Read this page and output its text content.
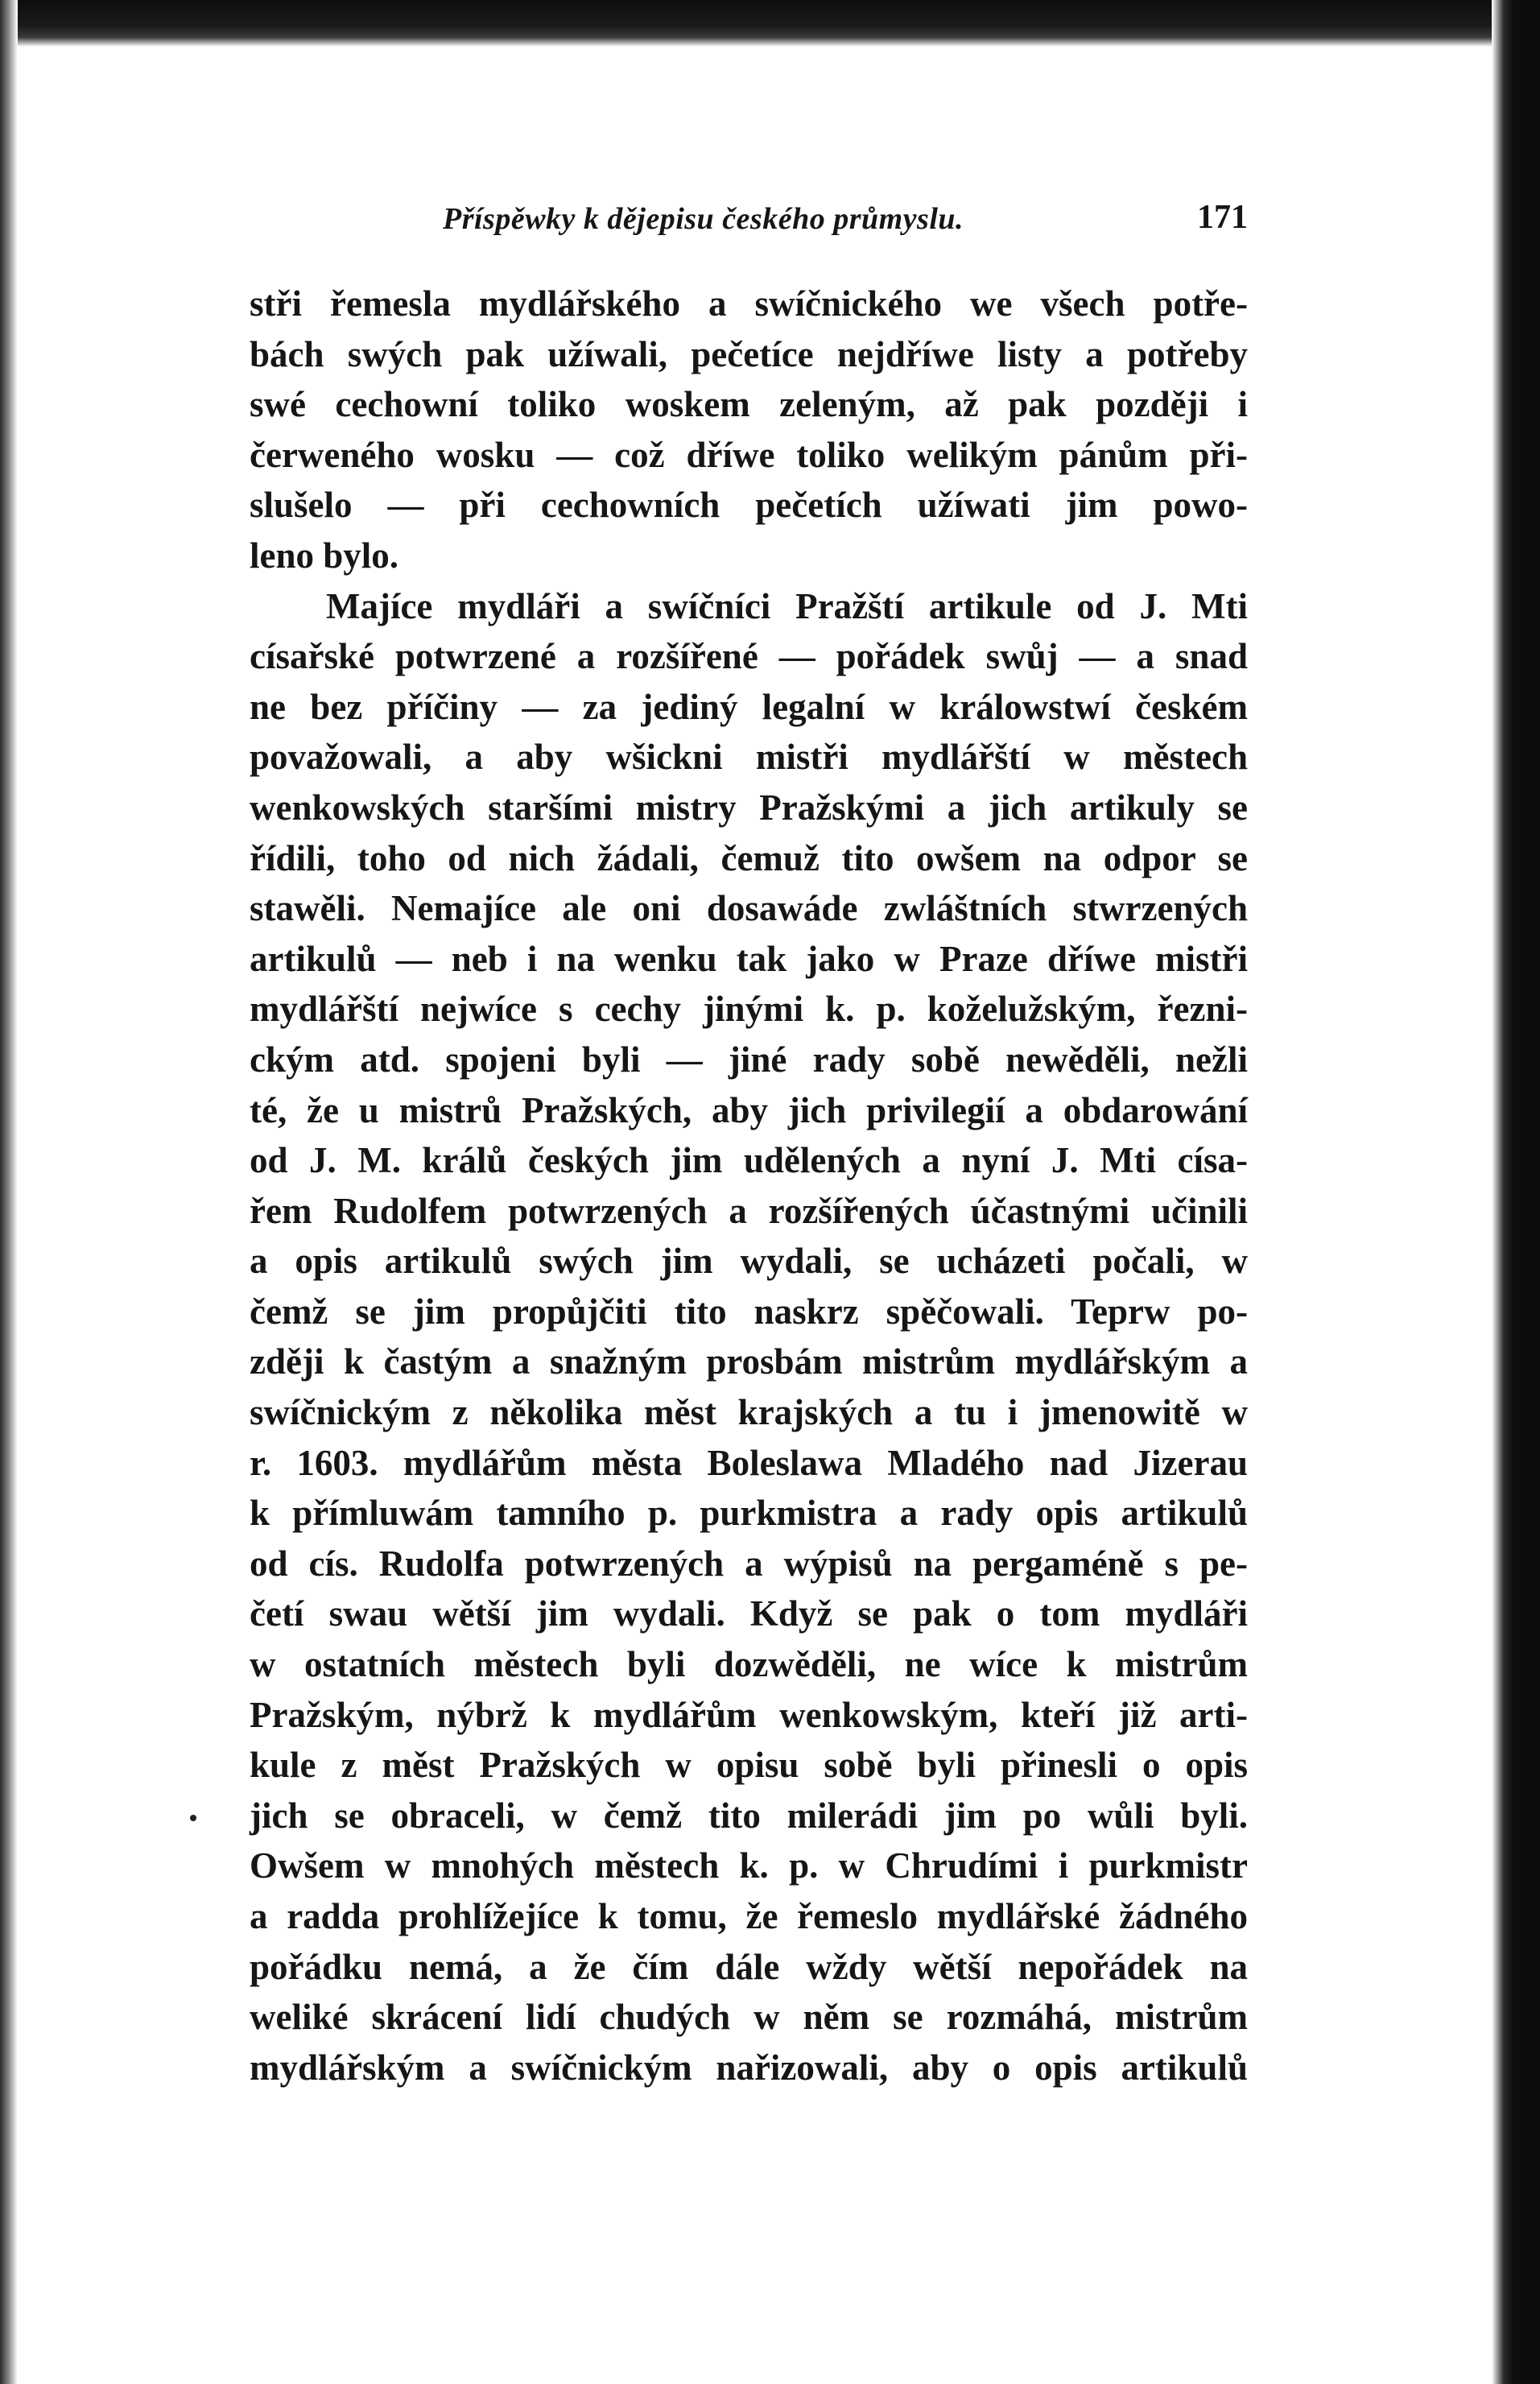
Příspěwky k dějepisu českého průmyslu.	171
stři řemesla mydlářského a swíčnického we všech potře-
bách swých pak užíwali, pečetíce nejdříwe listy a potřeby
swé cechowní toliko woskem zeleným, až pak později i
čerweného wosku — což dříwe toliko welikým pánům při-
slušelo — při cechowních pečetích užíwati jim powo-
leno bylo.
Majíce mydláři a swíčníci Pražští artikule od J. Mti
císařské potwrzené a rozšířené — pořádek swůj — a snad
ne bez příčiny — za jediný legalní w králowstwí českém
považowali, a aby wšickni mistři mydlářští w městech
wenkowských staršími mistry Pražskými a jich artikuly se
řídili, toho od nich žádali, čemuž tito owšem na odpor se
stawěli. Nemajíce ale oni dosawáde zwláštních stwrzených
artikulů — neb i na wenku tak jako w Praze dříwe mistři
mydlářští nejwíce s cechy jinými k. p. koželužským, řezni-
ckým atd. spojeni byli — jiné rady sobě newěděli, nežli
té, že u mistrů Pražských, aby jich privilegií a obdarowání
od J. M. králů českých jim udělených a nyní J. Mti císa-
řem Rudolfem potwrzených a rozšířených účastnými učinili
a opis artikulů swých jim wydali, se ucházeti počali, w
čemž se jim propůjčiti tito naskrz spěčowali. Teprw po-
zději k častým a snažným prosbám mistrům mydlářským a
swíčnickým z několika měst krajských a tu i jmenowitě w
r. 1603. mydlářům města Boleslawa Mladého nad Jizerau
k přímluwám tamního p. purkmistra a rady opis artikulů
od cís. Rudolfa potwrzených a wýpisů na pergaméně s pe-
četí swau wětší jim wydali. Když se pak o tom mydláři
w ostatních městech byli dozwěděli, ne wíce k mistrům
Pražským, nýbrž k mydlářům wenkowským, kteří již arti-
kule z měst Pražských w opisu sobě byli přinesli o opis
jich se obraceli, w čemž tito milerádi jim po wůli byli.
Owšem w mnohých městech k. p. w Chrudími i purkmistr
a radda prohlížejíce k tomu, že řemeslo mydlářské žádného
pořádku nemá, a že čím dále wždy wětší nepořádek na
weliké skrácení lidí chudých w něm se rozmáhá, mistrům
mydlářským a swíčnickým nařizowali, aby o opis artikulů
